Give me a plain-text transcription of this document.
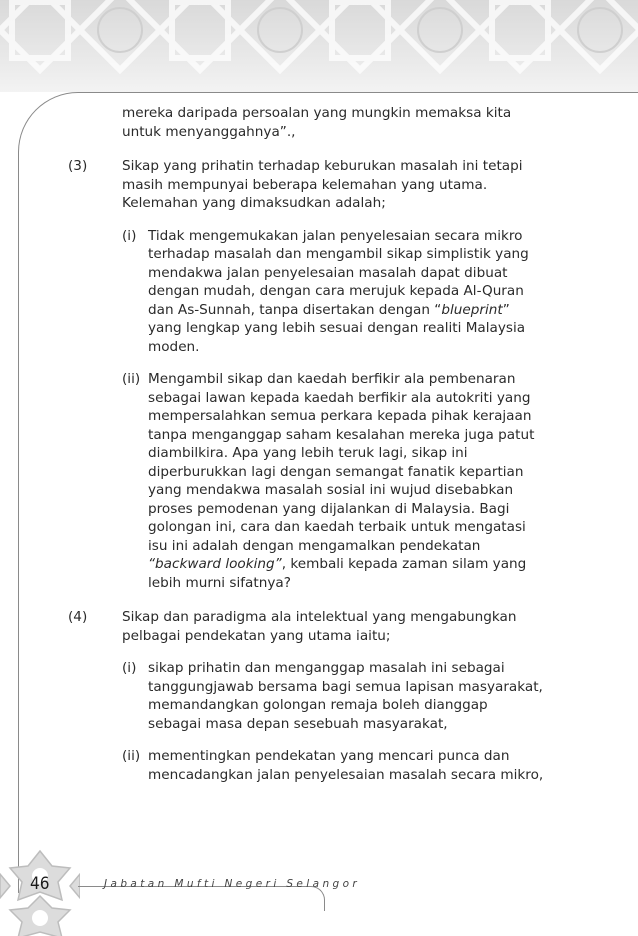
mereka daripada persoalan yang mungkin memaksa kita
untuk menyanggahnya”.,
(3)	Sikap yang prihatin terhadap keburukan masalah ini tetapi
masih mempunyai beberapa kelemahan yang utama.
Kelemahan yang dimaksudkan adalah;
(i) Tidak mengemukakan jalan penyelesaian secara mikro
terhadap masalah dan mengambil sikap simplistik yang
mendakwa jalan penyelesaian masalah dapat dibuat
dengan mudah, dengan cara merujuk kepada Al-Quran
dan As-Sunnah, tanpa disertakan dengan “blueprint”
yang lengkap yang lebih sesuai dengan realiti Malaysia
moden.
(ii) Mengambil sikap dan kaedah berfikir ala pembenaran
sebagai lawan kepada kaedah berfikir ala autokriti yang
mempersalahkan semua perkara kepada pihak kerajaan
tanpa menganggap saham kesalahan mereka juga patut
diambilkira. Apa yang lebih teruk lagi, sikap ini
diperburukkan lagi dengan semangat fanatik kepartian
yang mendakwa masalah sosial ini wujud disebabkan
proses pemodenan yang dijalankan di Malaysia. Bagi
golongan ini, cara dan kaedah terbaik untuk mengatasi
isu ini adalah dengan mengamalkan pendekatan
“backward looking”, kembali kepada zaman silam yang
lebih murni sifatnya?
(4)	Sikap dan paradigma ala intelektual yang mengabungkan
pelbagai pendekatan yang utama iaitu;
(i) sikap prihatin dan menganggap masalah ini sebagai
tanggungjawab bersama bagi semua lapisan masyarakat,
memandangkan golongan remaja boleh dianggap
sebagai masa depan sesebuah masyarakat,
(ii) mementingkan pendekatan yang mencari punca dan
mencadangkan jalan penyelesaian masalah secara mikro,
46	Jabatan Mufti Negeri Selangor
